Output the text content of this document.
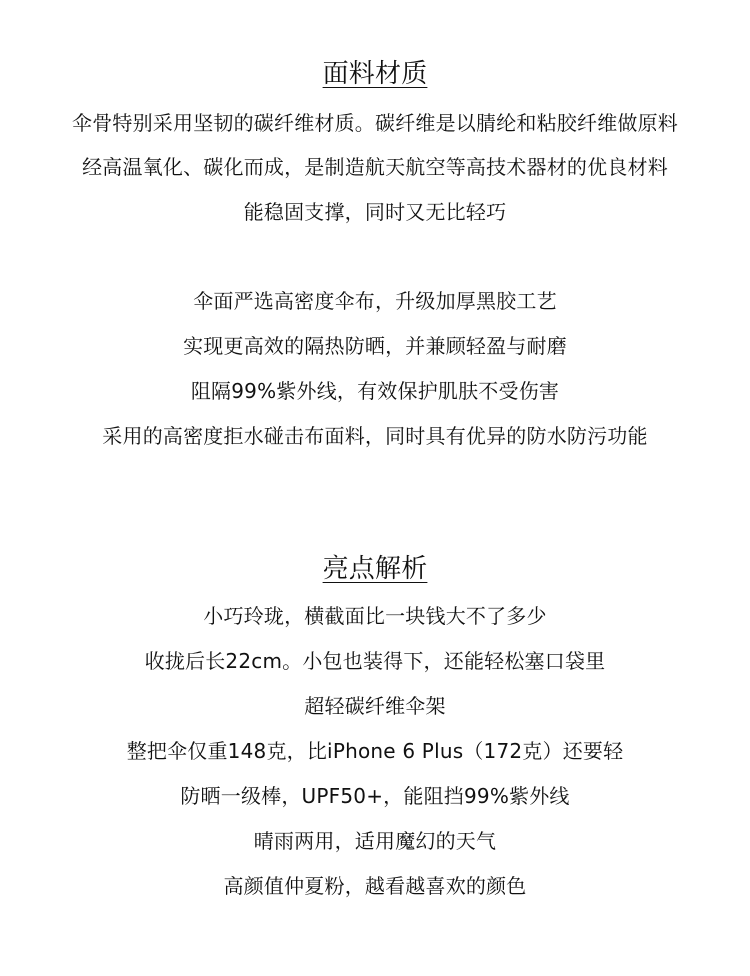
面料材质
伞骨特别采用坚韧的碳纤维材质。碳纤维是以腈纶和粘胶纤维做原料
经高温氧化、碳化而成，是制造航天航空等高技术器材的优良材料
能稳固支撑，同时又无比轻巧
伞面严选高密度伞布，升级加厚黑胶工艺
实现更高效的隔热防晒，并兼顾轻盈与耐磨
阻隔99%紫外线，有效保护肌肤不受伤害
采用的高密度拒水碰击布面料，同时具有优异的防水防污功能
亮点解析
小巧玲珑，横截面比一块钱大不了多少
收拢后长22cm。小包也装得下，还能轻松塞口袋里
超轻碳纤维伞架
整把伞仅重148克，比iPhone 6 Plus（172克）还要轻
防晒一级棒，UPF50+，能阻挡99%紫外线
晴雨两用，适用魔幻的天气
高颜值仲夏粉，越看越喜欢的颜色
